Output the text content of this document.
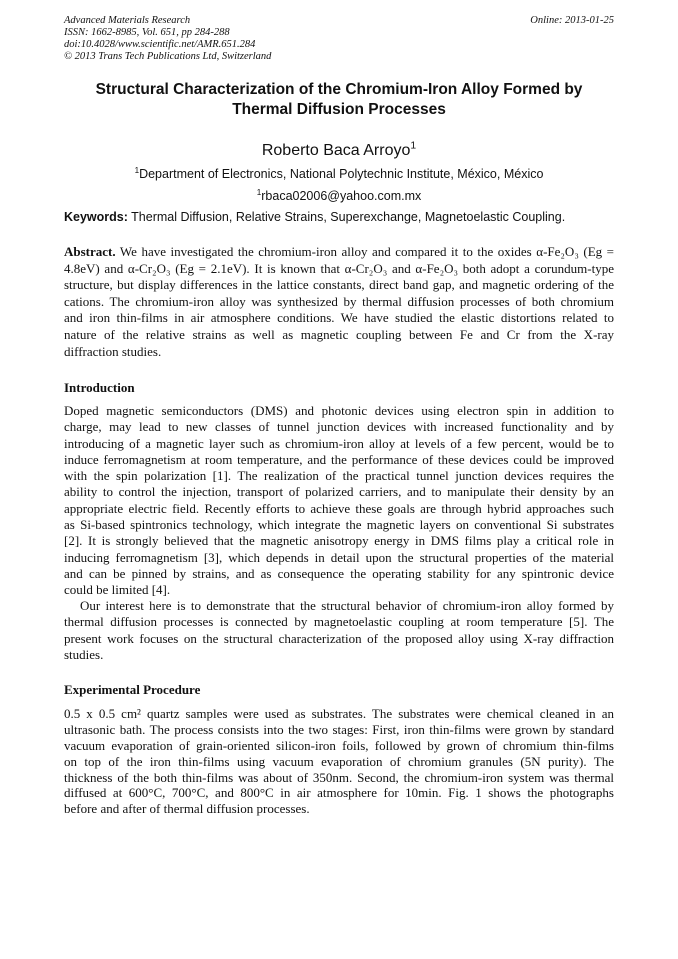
Advanced Materials Research
ISSN: 1662-8985, Vol. 651, pp 284-288
doi:10.4028/www.scientific.net/AMR.651.284
© 2013 Trans Tech Publications Ltd, Switzerland
Online: 2013-01-25
Structural Characterization of the Chromium-Iron Alloy Formed by
Thermal Diffusion Processes
Roberto Baca Arroyo$^1$
$^1$Department of Electronics, National Polytechnic Institute, México, México
$^1$rbaca02006@yahoo.com.mx
Keywords: Thermal Diffusion, Relative Strains, Superexchange, Magnetoelastic Coupling.
Abstract. We have investigated the chromium-iron alloy and compared it to the oxides α-Fe₂O₃ (Eg =
4.8eV) and α-Cr₂O₃ (Eg = 2.1eV). It is known that α-Cr₂O₃ and α-Fe₂O₃ both adopt a corundum-type
structure, but display differences in the lattice constants, direct band gap, and magnetic ordering of the
cations. The chromium-iron alloy was synthesized by thermal diffusion processes of both chromium
and iron thin-films in air atmosphere conditions. We have studied the elastic distortions related to
nature of the relative strains as well as magnetic coupling between Fe and Cr from the X-ray
diffraction studies.
Introduction
Doped magnetic semiconductors (DMS) and photonic devices using electron spin in addition to
charge, may lead to new classes of tunnel junction devices with increased functionality and by
introducing of a magnetic layer such as chromium-iron alloy at levels of a few percent, would be to
induce ferromagnetism at room temperature, and the performance of these devices could be improved
with the spin polarization [1]. The realization of the practical tunnel junction devices requires the
ability to control the injection, transport of polarized carriers, and to manipulate their density by an
appropriate electric field. Recently efforts to achieve these goals are through hybrid approaches such
as Si-based spintronics technology, which integrate the magnetic layers on conventional Si substrates
[2]. It is strongly believed that the magnetic anisotropy energy in DMS films play a critical role in
inducing ferromagnetism [3], which depends in detail upon the structural properties of the material
and can be pinned by strains, and as consequence the operating stability for any spintronic device
could be limited [4].
Our interest here is to demonstrate that the structural behavior of chromium-iron alloy formed by
thermal diffusion processes is connected by magnetoelastic coupling at room temperature [5]. The
present work focuses on the structural characterization of the proposed alloy using X-ray diffraction
studies.
Experimental Procedure
0.5 x 0.5 cm² quartz samples were used as substrates. The substrates were chemical cleaned in an
ultrasonic bath. The process consists into the two stages: First, iron thin-films were grown by standard
vacuum evaporation of grain-oriented silicon-iron foils, followed by grown of chromium thin-films
on top of the iron thin-films using vacuum evaporation of chromium granules (5N purity). The
thickness of the both thin-films was about of 350nm. Second, the chromium-iron system was thermal
diffused at 600°C, 700°C, and 800°C in air atmosphere for 10min. Fig. 1 shows the photographs
before and after of thermal diffusion processes.
